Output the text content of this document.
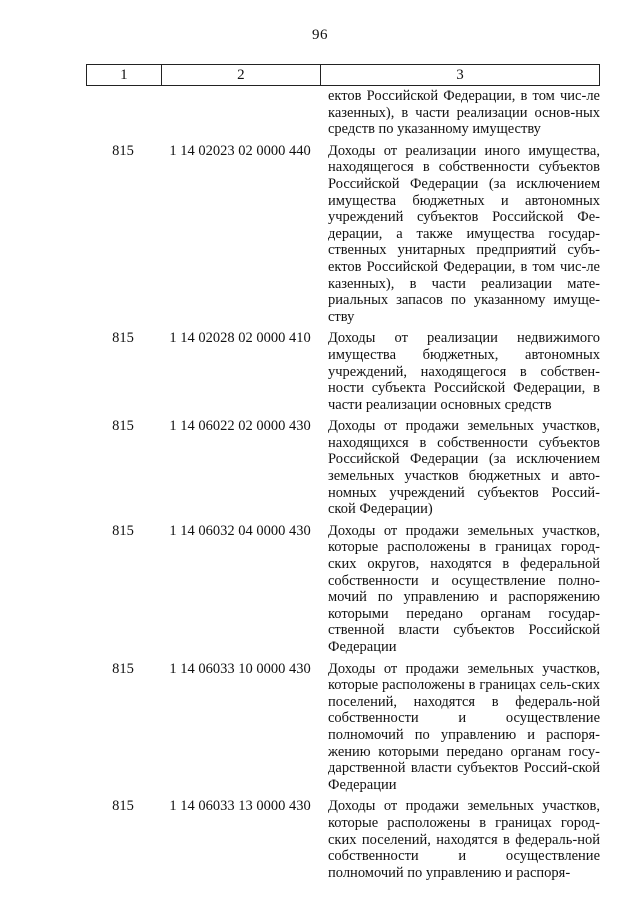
96
1	2	3
ектов Российской Федерации, в том чис-ле казенных), в части реализации основ-ных средств по указанному имуществу
815	1 14 02023 02 0000 440	Доходы от реализации иного имущества, находящегося в собственности субъектов Российской Федерации (за исключением имущества бюджетных и автономных учреждений субъектов Российской Фе-дерации, а также имущества государ-ственных унитарных предприятий субъ-ектов Российской Федерации, в том чис-ле казенных), в части реализации мате-риальных запасов по указанному имуще-ству
815	1 14 02028 02 0000 410	Доходы от реализации недвижимого имущества бюджетных, автономных учреждений, находящегося в собствен-ности субъекта Российской Федерации, в части реализации основных средств
815	1 14 06022 02 0000 430	Доходы от продажи земельных участков, находящихся в собственности субъектов Российской Федерации (за исключением земельных участков бюджетных и авто-номных учреждений субъектов Россий-ской Федерации)
815	1 14 06032 04 0000 430	Доходы от продажи земельных участков, которые расположены в границах город-ских округов, находятся в федеральной собственности и осуществление полно-мочий по управлению и распоряжению которыми передано органам государ-ственной власти субъектов Российской Федерации
815	1 14 06033 10 0000 430	Доходы от продажи земельных участков, которые расположены в границах сель-ских поселений, находятся в федераль-ной собственности и осуществление полномочий по управлению и распоря-жению которыми передано органам госу-дарственной власти субъектов Россий-ской Федерации
815	1 14 06033 13 0000 430	Доходы от продажи земельных участков, которые расположены в границах город-ских поселений, находятся в федераль-ной собственности и осуществление полномочий по управлению и распоря-
